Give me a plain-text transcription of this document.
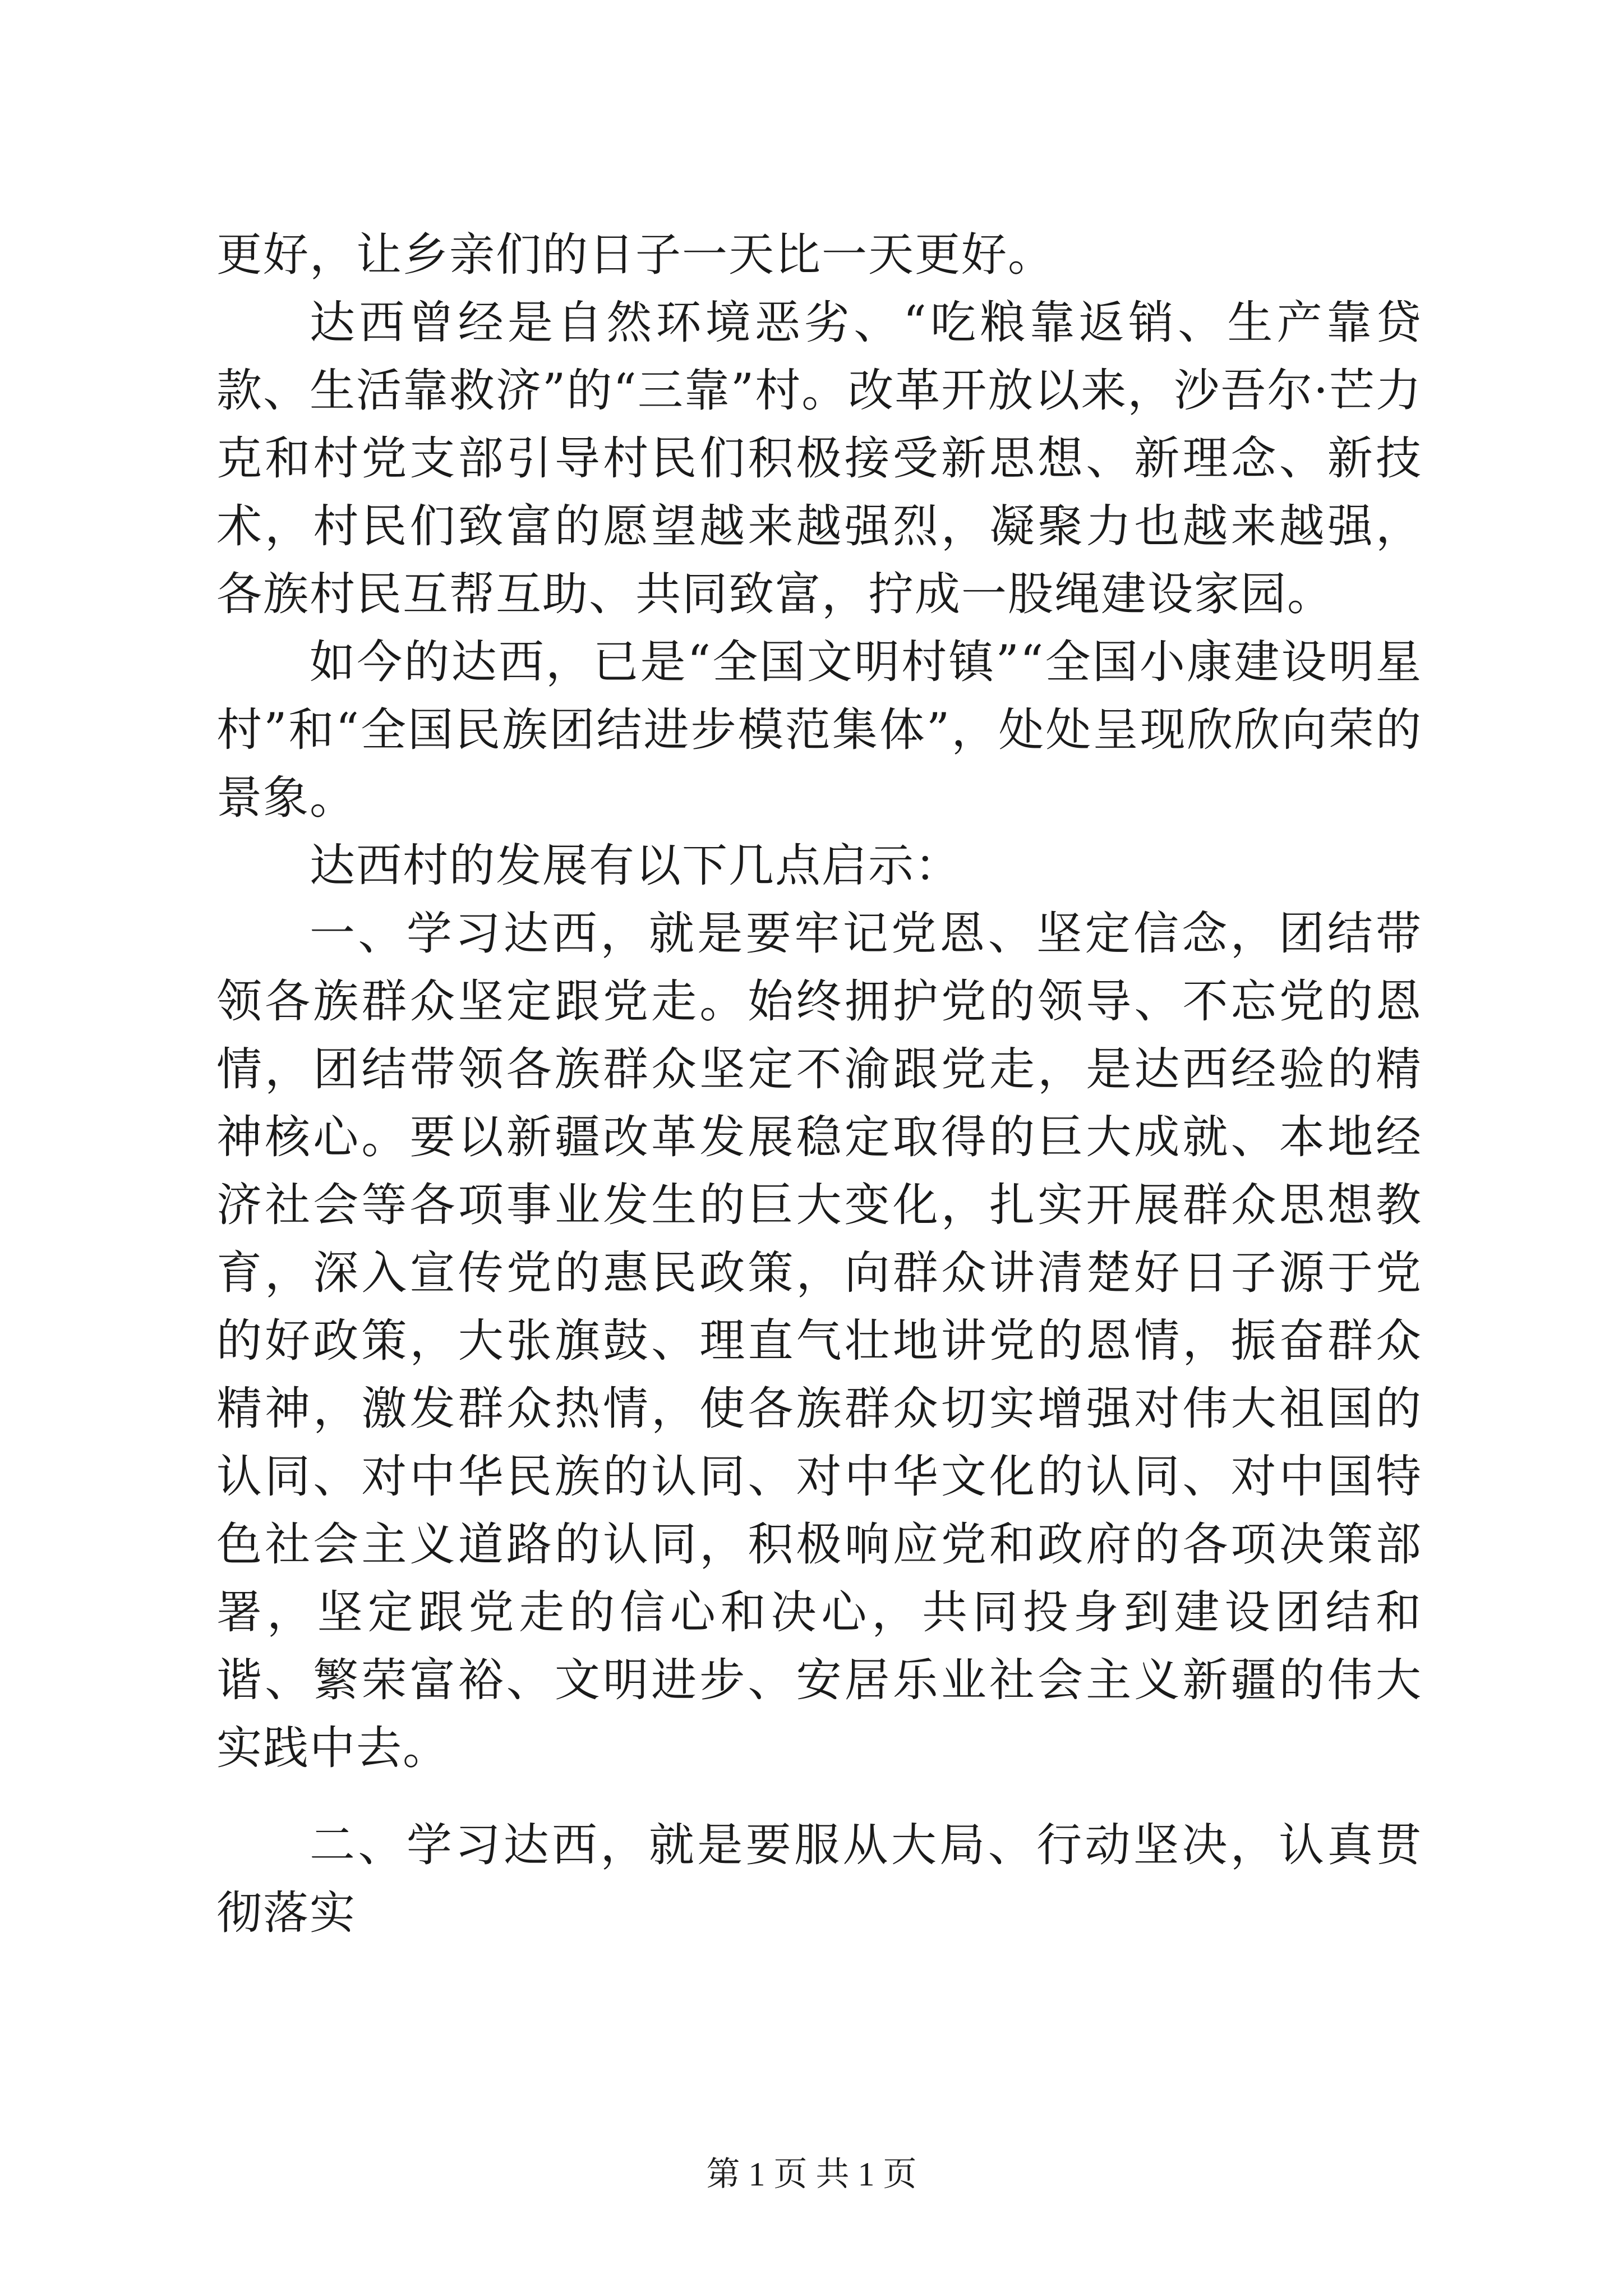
更好，让乡亲们的日子一天比一天更好。

达西曾经是自然环境恶劣、“吃粮靠返销、生产靠贷款、生活靠救济”的“三靠”村。改革开放以来，沙吾尔·芒力克和村党支部引导村民们积极接受新思想、新理念、新技术，村民们致富的愿望越来越强烈，凝聚力也越来越强，各族村民互帮互助、共同致富，拧成一股绳建设家园。

如今的达西，已是“全国文明村镇”“全国小康建设明星村”和“全国民族团结进步模范集体”，处处呈现欣欣向荣的景象。

达西村的发展有以下几点启示：

一、学习达西，就是要牢记党恩、坚定信念，团结带领各族群众坚定跟党走。始终拥护党的领导、不忘党的恩情，团结带领各族群众坚定不渝跟党走，是达西经验的精神核心。要以新疆改革发展稳定取得的巨大成就、本地经济社会等各项事业发生的巨大变化，扎实开展群众思想教育，深入宣传党的惠民政策，向群众讲清楚好日子源于党的好政策，大张旗鼓、理直气壮地讲党的恩情，振奋群众精神，激发群众热情，使各族群众切实增强对伟大祖国的认同、对中华民族的认同、对中华文化的认同、对中国特色社会主义道路的认同，积极响应党和政府的各项决策部署，坚定跟党走的信心和决心，共同投身到建设团结和谐、繁荣富裕、文明进步、安居乐业社会主义新疆的伟大实践中去。

二、学习达西，就是要服从大局、行动坚决，认真贯彻落实

第 1 页 共 1 页
